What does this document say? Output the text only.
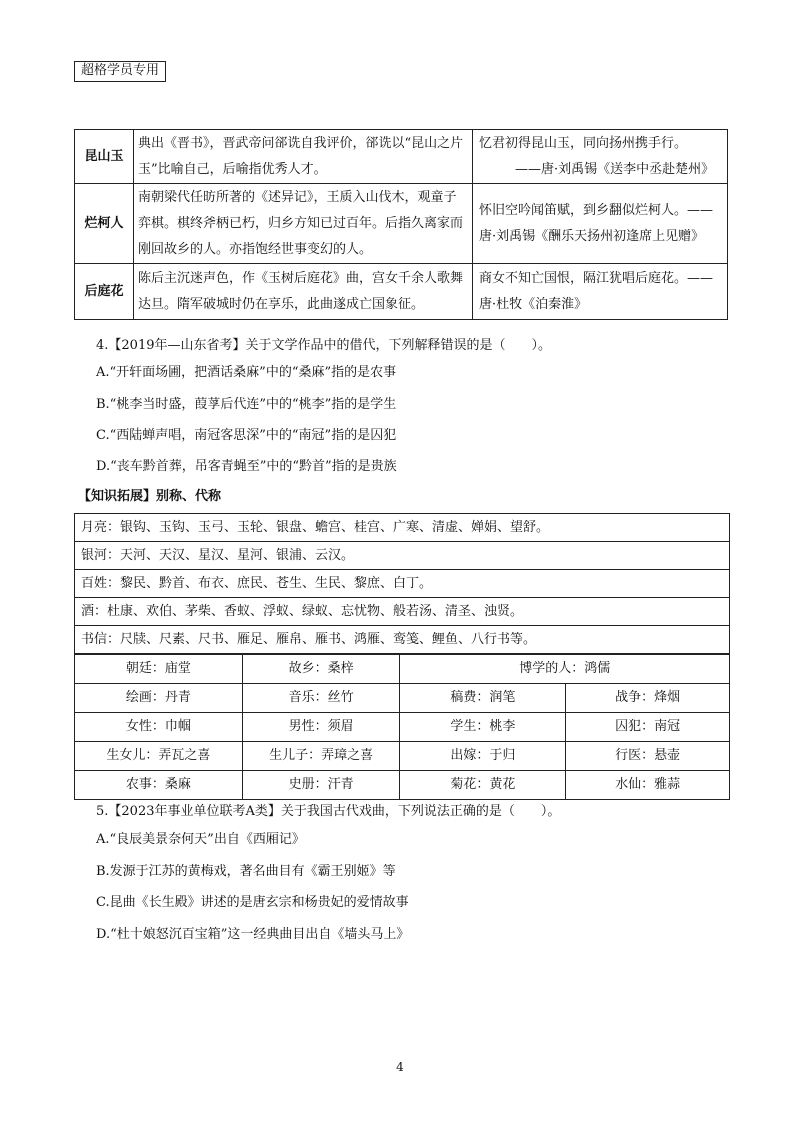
超格学员专用
昆山玉	典出《晋书》，晋武帝问郤诜自我评价，郤诜以“昆山之片玉”比喻自己，后喻指优秀人才。	忆君初得昆山玉，同向扬州携手行。
——唐·刘禹锡《送李中丞赴楚州》

烂柯人	南朝梁代任昉所著的《述异记》，王质入山伐木，观童子弈棋。棋终斧柄已朽，归乡方知已过百年。后指久离家而刚回故乡的人。亦指饱经世事变幻的人。	怀旧空吟闻笛赋，到乡翻似烂柯人。——唐·刘禹锡《酬乐天扬州初逢席上见赠》

后庭花	陈后主沉迷声色，作《玉树后庭花》曲，宫女千余人歌舞达旦。隋军破城时仍在享乐，此曲遂成亡国象征。	商女不知亡国恨，隔江犹唱后庭花。——唐·杜牧《泊秦淮》
4.【2019年—山东省考】关于文学作品中的借代，下列解释错误的是（　　）。
A.“开轩面场圃，把酒话桑麻”中的“桑麻”指的是农事
B.“桃李当时盛，葭莩后代连”中的“桃李”指的是学生
C.“西陆蝉声唱，南冠客思深”中的“南冠”指的是囚犯
D.“丧车黔首葬，吊客青蝇至”中的“黔首”指的是贵族
【知识拓展】别称、代称
月亮：银钩、玉钩、玉弓、玉轮、银盘、蟾宫、桂宫、广寒、清虚、婵娟、望舒。
银河：天河、天汉、星汉、星河、银浦、云汉。
百姓：黎民、黔首、布衣、庶民、苍生、生民、黎庶、白丁。
酒：杜康、欢伯、茅柴、香蚁、浮蚁、绿蚁、忘忧物、般若汤、清圣、浊贤。
书信：尺牍、尺素、尺书、雁足、雁帛、雁书、鸿雁、鸾笺、鲤鱼、八行书等。
朝廷：庙堂	故乡：桑梓	博学的人：鸿儒	
绘画：丹青	音乐：丝竹	稿费：润笔	战争：烽烟
女性：巾帼	男性：须眉	学生：桃李	囚犯：南冠
生女儿：弄瓦之喜	生儿子：弄璋之喜	出嫁：于归	行医：悬壶
农事：桑麻	史册：汗青	菊花：黄花	水仙：雅蒜
5.【2023年事业单位联考A类】关于我国古代戏曲，下列说法正确的是（　　）。
A.“良辰美景奈何天”出自《西厢记》
B.发源于江苏的黄梅戏，著名曲目有《霸王别姬》等
C.昆曲《长生殿》讲述的是唐玄宗和杨贵妃的爱情故事
D.“杜十娘怒沉百宝箱”这一经典曲目出自《墙头马上》
4
